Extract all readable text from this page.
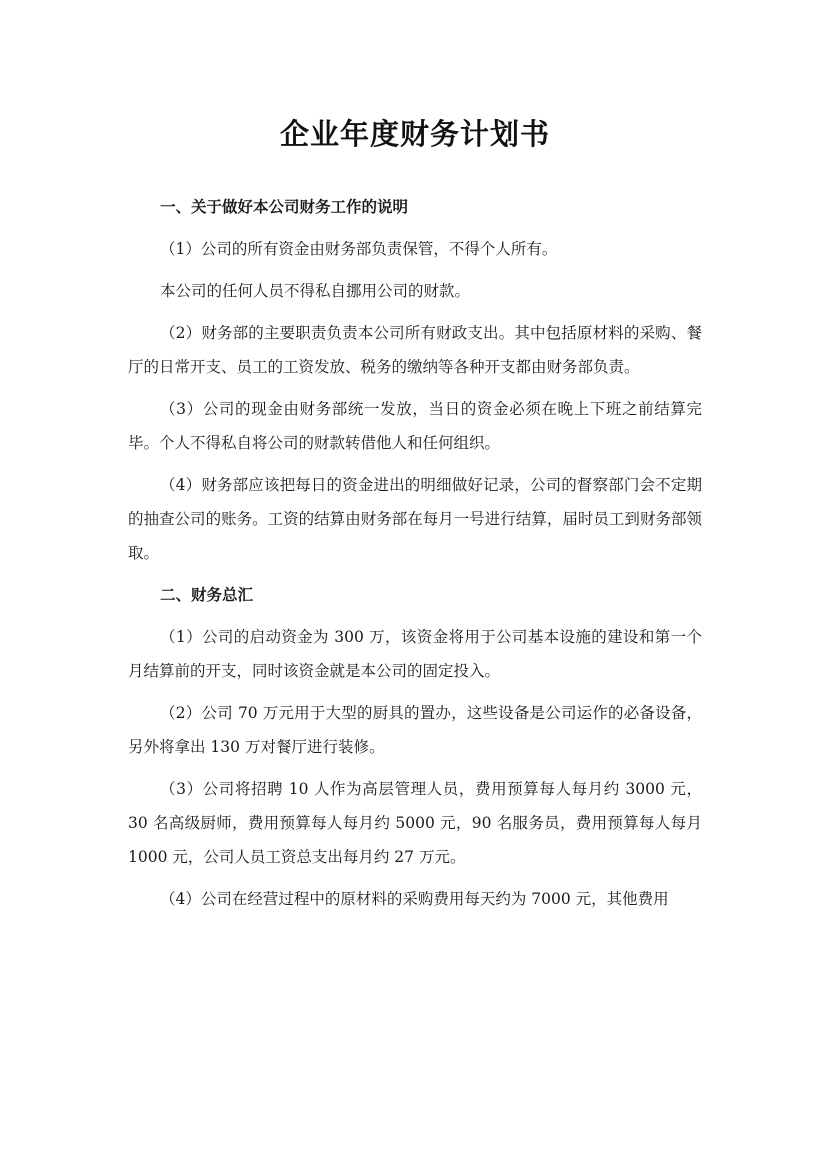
企业年度财务计划书

一、关于做好本公司财务工作的说明

（1）公司的所有资金由财务部负责保管，不得个人所有。

本公司的任何人员不得私自挪用公司的财款。

（2）财务部的主要职责负责本公司所有财政支出。其中包括原材料的采购、餐厅的日常开支、员工的工资发放、税务的缴纳等各种开支都由财务部负责。

（3）公司的现金由财务部统一发放，当日的资金必须在晚上下班之前结算完毕。个人不得私自将公司的财款转借他人和任何组织。

（4）财务部应该把每日的资金进出的明细做好记录，公司的督察部门会不定期的抽查公司的账务。工资的结算由财务部在每月一号进行结算，届时员工到财务部领取。

二、财务总汇

（1）公司的启动资金为 300 万，该资金将用于公司基本设施的建设和第一个月结算前的开支，同时该资金就是本公司的固定投入。

（2）公司 70 万元用于大型的厨具的置办，这些设备是公司运作的必备设备，另外将拿出 130 万对餐厅进行装修。

（3）公司将招聘 10 人作为高层管理人员，费用预算每人每月约 3000 元，30 名高级厨师，费用预算每人每月约 5000 元，90 名服务员，费用预算每人每月 1000 元，公司人员工资总支出每月约 27 万元。

（4）公司在经营过程中的原材料的采购费用每天约为 7000 元，其他费用
